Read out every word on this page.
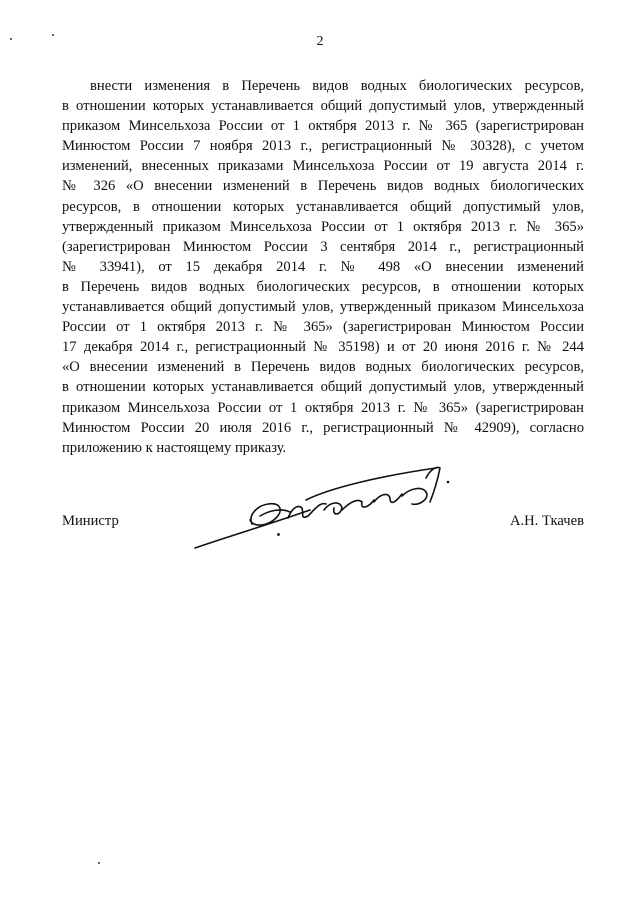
2
внести изменения в Перечень видов водных биологических ресурсов,
в отношении которых устанавливается общий допустимый улов, утвержденный
приказом Минсельхоза России от 1 октября 2013 г. № 365 (зарегистрирован
Минюстом России 7 ноября 2013 г., регистрационный № 30328), с учетом
изменений, внесенных приказами Минсельхоза России от 19 августа 2014 г.
№ 326 «О внесении изменений в Перечень видов водных биологических
ресурсов, в отношении которых устанавливается общий допустимый улов,
утвержденный приказом Минсельхоза России от 1 октября 2013 г. № 365»
(зарегистрирован Минюстом России 3 сентября 2014 г., регистрационный
№ 33941), от 15 декабря 2014 г. № 498 «О внесении изменений
в Перечень видов водных биологических ресурсов, в отношении которых
устанавливается общий допустимый улов, утвержденный приказом Минсельхоза
России от 1 октября 2013 г. № 365» (зарегистрирован Минюстом России
17 декабря 2014 г., регистрационный № 35198) и от 20 июня 2016 г. № 244
«О внесении изменений в Перечень видов водных биологических ресурсов,
в отношении которых устанавливается общий допустимый улов, утвержденный
приказом Минсельхоза России от 1 октября 2013 г. № 365» (зарегистрирован
Минюстом России 20 июля 2016 г., регистрационный № 42909), согласно
приложению к настоящему приказу.
Министр	А.Н. Ткачев
